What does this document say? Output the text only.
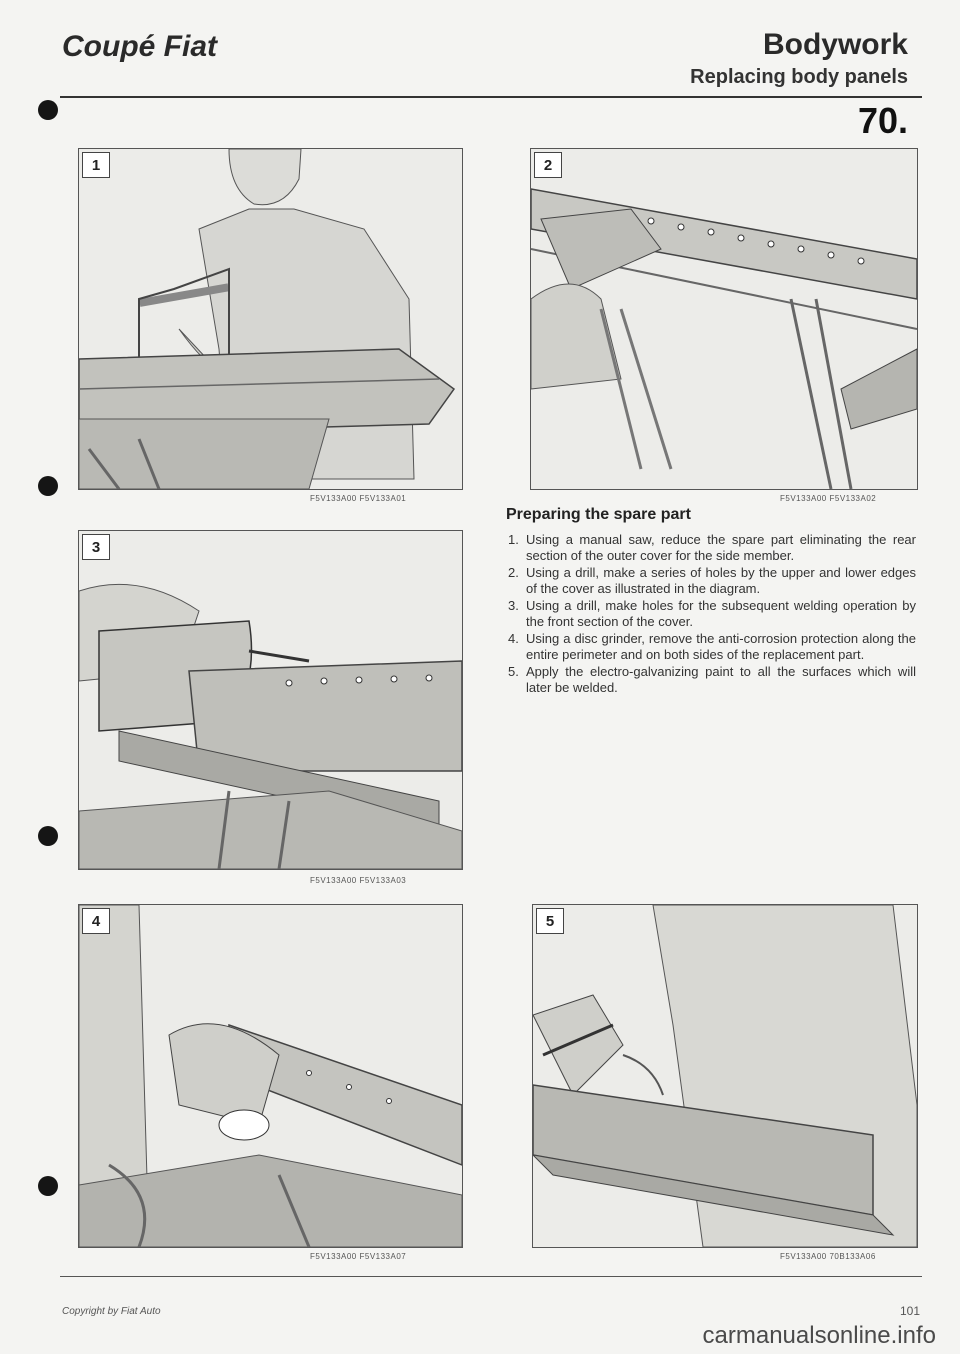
Coupé Fiat	Bodywork
Replacing body panels
70.
1
F5V133A00 F5V133A01
2
F5V133A00 F5V133A02
3
F5V133A00 F5V133A03
Preparing the spare part
1. Using a manual saw, reduce the spare part eliminating the rear section of the outer cover for the side member.
2. Using a drill, make a series of holes by the upper and lower edges of the cover as illustrated in the diagram.
3. Using a drill, make holes for the subsequent welding operation by the front section of the cover.
4. Using a disc grinder, remove the anti-corrosion protection along the entire perimeter and on both sides of the replacement part.
5. Apply the electro-galvanizing paint to all the surfaces which will later be welded.
4
F5V133A00 F5V133A07
5
F5V133A00 70B133A06
Copyright by Fiat Auto	101
carmanualsonline.info
